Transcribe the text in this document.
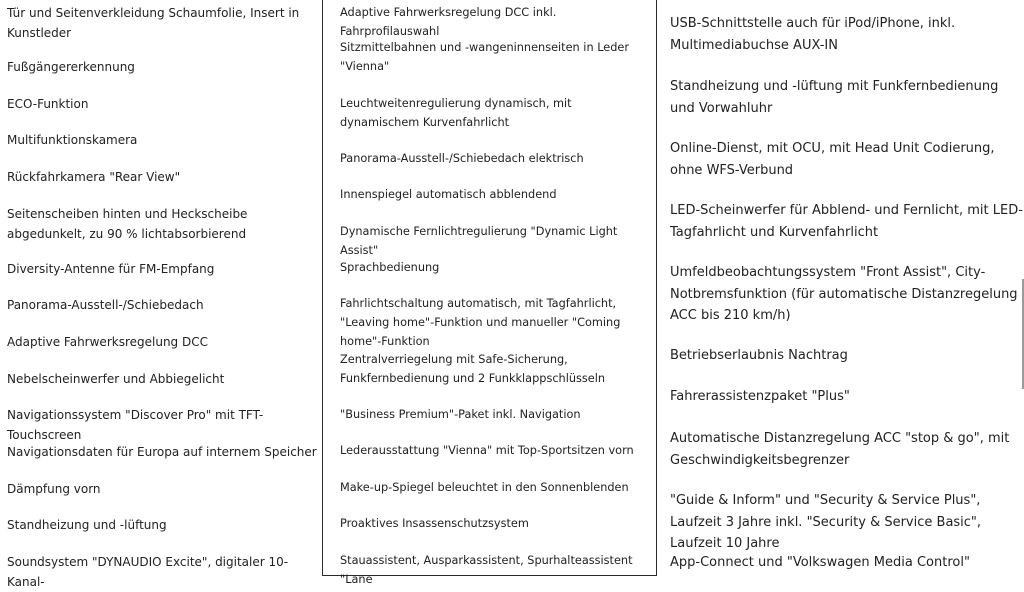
Tür und Seitenverkleidung Schaumfolie, Insert in Kunstleder
Fußgängererkennung
ECO-Funktion
Multifunktionskamera
Rückfahrkamera "Rear View"
Seitenscheiben hinten und Heckscheibe abgedunkelt, zu 90 % lichtabsorbierend
Diversity-Antenne für FM-Empfang
Panorama-Ausstell-/Schiebedach
Adaptive Fahrwerksregelung DCC
Nebelscheinwerfer und Abbiegelicht
Navigationssystem "Discover Pro" mit TFT-Touchscreen
Navigationsdaten für Europa auf internem Speicher
Dämpfung vorn
Standheizung und -lüftung
Soundsystem "DYNAUDIO Excite", digitaler 10-Kanal-
Adaptive Fahrwerksregelung DCC inkl. Fahrprofilauswahl
Sitzmittelbahnen und -wangeninnenseiten in Leder "Vienna"
Leuchtweitenregulierung dynamisch, mit dynamischem Kurvenfahrlicht
Panorama-Ausstell-/Schiebedach elektrisch
Innenspiegel automatisch abblendend
Dynamische Fernlichtregulierung "Dynamic Light Assist"
Sprachbedienung
Fahrlichtschaltung automatisch, mit Tagfahrlicht, "Leaving home"-Funktion und manueller "Coming home"-Funktion
Zentralverriegelung mit Safe-Sicherung, Funkfernbedienung und 2 Funkklappschlüsseln
"Business Premium"-Paket inkl. Navigation
Lederausstattung "Vienna" mit Top-Sportsitzen vorn
Make-up-Spiegel beleuchtet in den Sonnenblenden
Proaktives Insassenschutzsystem
Stauassistent, Ausparkassistent, Spurhalteassistent "Lane
USB-Schnittstelle auch für iPod/iPhone, inkl. Multimediabuchse AUX-IN
Standheizung und -lüftung mit Funkfernbedienung und Vorwahluhr
Online-Dienst, mit OCU, mit Head Unit Codierung, ohne WFS-Verbund
LED-Scheinwerfer für Abblend- und Fernlicht, mit LED-Tagfahrlicht und Kurvenfahrlicht
Umfeldbeobachtungssystem "Front Assist", City-Notbremsfunktion (für automatische Distanzregelung ACC bis 210 km/h)
Betriebserlaubnis Nachtrag
Fahrerassistenzpaket "Plus"
Automatische Distanzregelung ACC "stop & go", mit Geschwindigkeitsbegrenzer
"Guide & Inform" und "Security & Service Plus", Laufzeit 3 Jahre inkl. "Security & Service Basic", Laufzeit 10 Jahre
App-Connect und "Volkswagen Media Control"
